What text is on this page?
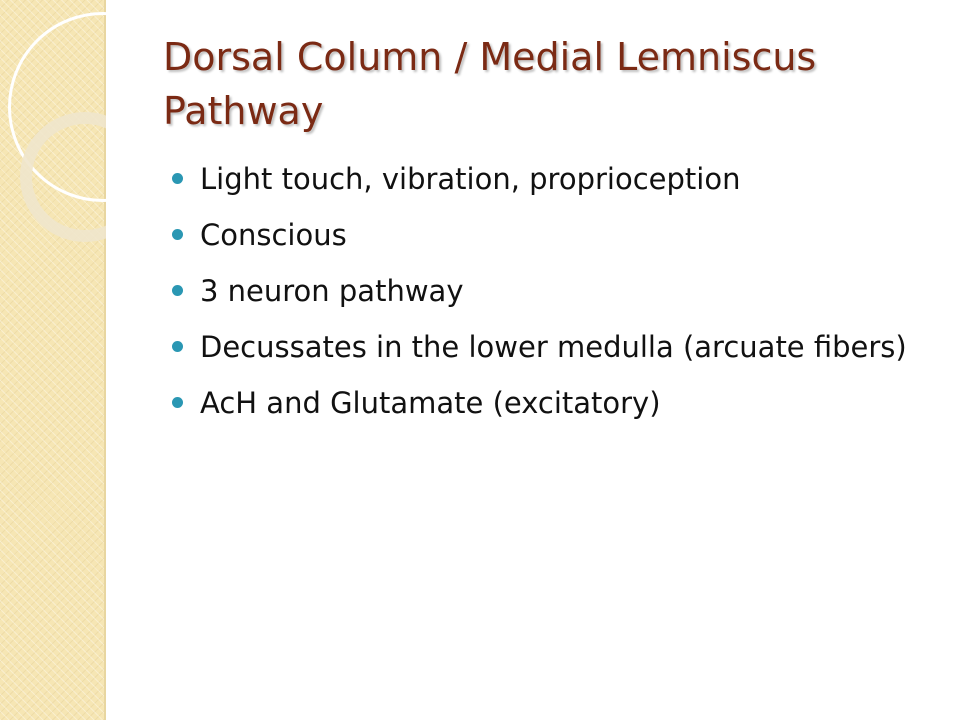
Dorsal Column / Medial Lemniscus Pathway
Light touch, vibration, proprioception
Conscious
3 neuron pathway
Decussates in the lower medulla (arcuate fibers)
AcH and Glutamate (excitatory)
